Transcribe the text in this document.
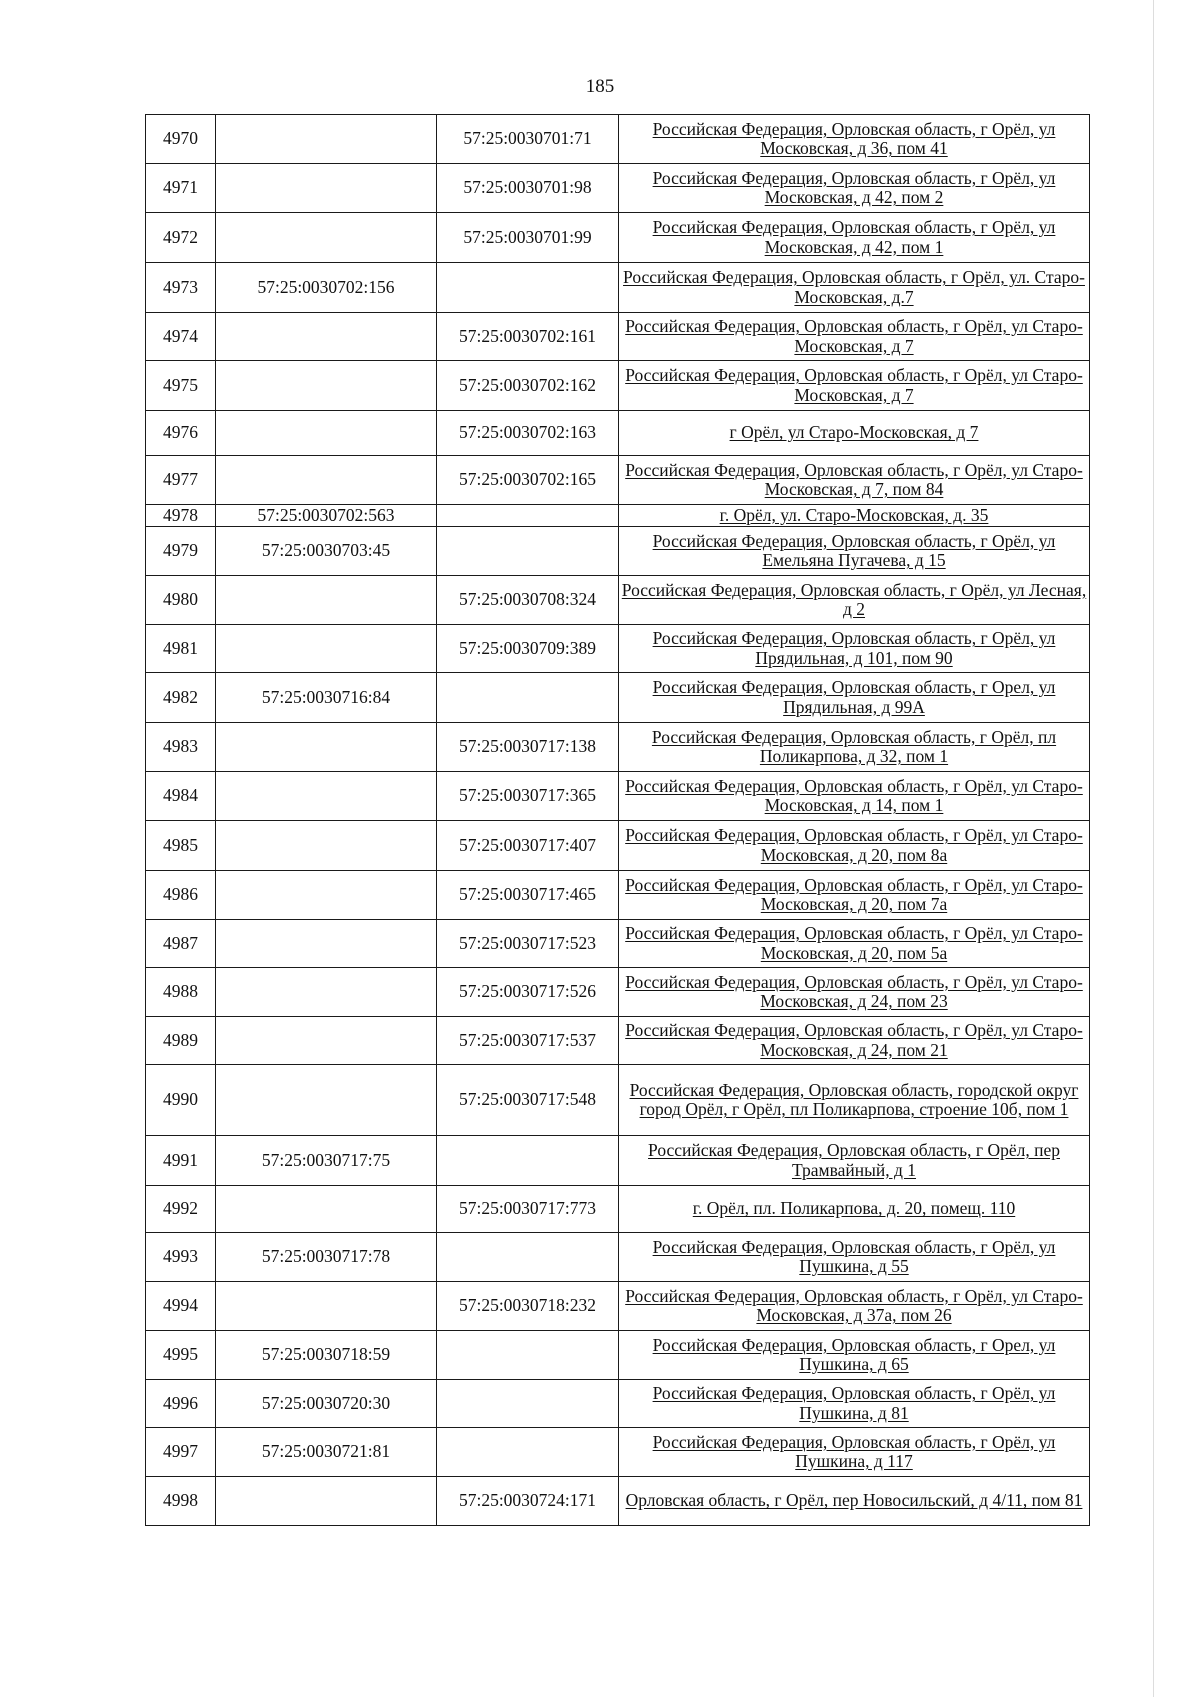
185
4970		57:25:0030701:71	Российская Федерация, Орловская область, г Орёл, ул Московская, д 36, пом 41
4971		57:25:0030701:98	Российская Федерация, Орловская область, г Орёл, ул Московская, д 42, пом 2
4972		57:25:0030701:99	Российская Федерация, Орловская область, г Орёл, ул Московская, д 42, пом 1
4973	57:25:0030702:156		Российская Федерация, Орловская область, г Орёл, ул. Старо-Московская, д.7
4974		57:25:0030702:161	Российская Федерация, Орловская область, г Орёл, ул Старо-Московская, д 7
4975		57:25:0030702:162	Российская Федерация, Орловская область, г Орёл, ул Старо-Московская, д 7
4976		57:25:0030702:163	г Орёл, ул Старо-Московская, д 7
4977		57:25:0030702:165	Российская Федерация, Орловская область, г Орёл, ул Старо-Московская, д 7, пом 84
4978	57:25:0030702:563		г. Орёл, ул. Старо-Московская, д. 35
4979	57:25:0030703:45		Российская Федерация, Орловская область, г Орёл, ул Емельяна Пугачева, д 15
4980		57:25:0030708:324	Российская Федерация, Орловская область, г Орёл, ул Лесная, д 2
4981		57:25:0030709:389	Российская Федерация, Орловская область, г Орёл, ул Прядильная, д 101, пом 90
4982	57:25:0030716:84		Российская Федерация, Орловская область, г Орел, ул Прядильная, д 99А
4983		57:25:0030717:138	Российская Федерация, Орловская область, г Орёл, пл Поликарпова, д 32, пом 1
4984		57:25:0030717:365	Российская Федерация, Орловская область, г Орёл, ул Старо-Московская, д 14, пом 1
4985		57:25:0030717:407	Российская Федерация, Орловская область, г Орёл, ул Старо-Московская, д 20, пом 8а
4986		57:25:0030717:465	Российская Федерация, Орловская область, г Орёл, ул Старо-Московская, д 20, пом 7а
4987		57:25:0030717:523	Российская Федерация, Орловская область, г Орёл, ул Старо-Московская, д 20, пом 5а
4988		57:25:0030717:526	Российская Федерация, Орловская область, г Орёл, ул Старо-Московская, д 24, пом 23
4989		57:25:0030717:537	Российская Федерация, Орловская область, г Орёл, ул Старо-Московская, д 24, пом 21
4990		57:25:0030717:548	Российская Федерация, Орловская область, городской округ город Орёл, г Орёл, пл Поликарпова, строение 10б, пом 1
4991	57:25:0030717:75		Российская Федерация, Орловская область, г Орёл, пер Трамвайный, д 1
4992		57:25:0030717:773	г. Орёл, пл. Поликарпова, д. 20, помещ. 110
4993	57:25:0030717:78		Российская Федерация, Орловская область, г Орёл, ул Пушкина, д 55
4994		57:25:0030718:232	Российская Федерация, Орловская область, г Орёл, ул Старо-Московская, д 37а, пом 26
4995	57:25:0030718:59		Российская Федерация, Орловская область, г Орел, ул Пушкина, д 65
4996	57:25:0030720:30		Российская Федерация, Орловская область, г Орёл, ул Пушкина, д 81
4997	57:25:0030721:81		Российская Федерация, Орловская область, г Орёл, ул Пушкина, д 117
4998		57:25:0030724:171	Орловская область, г Орёл, пер Новосильский, д 4/11, пом 81
